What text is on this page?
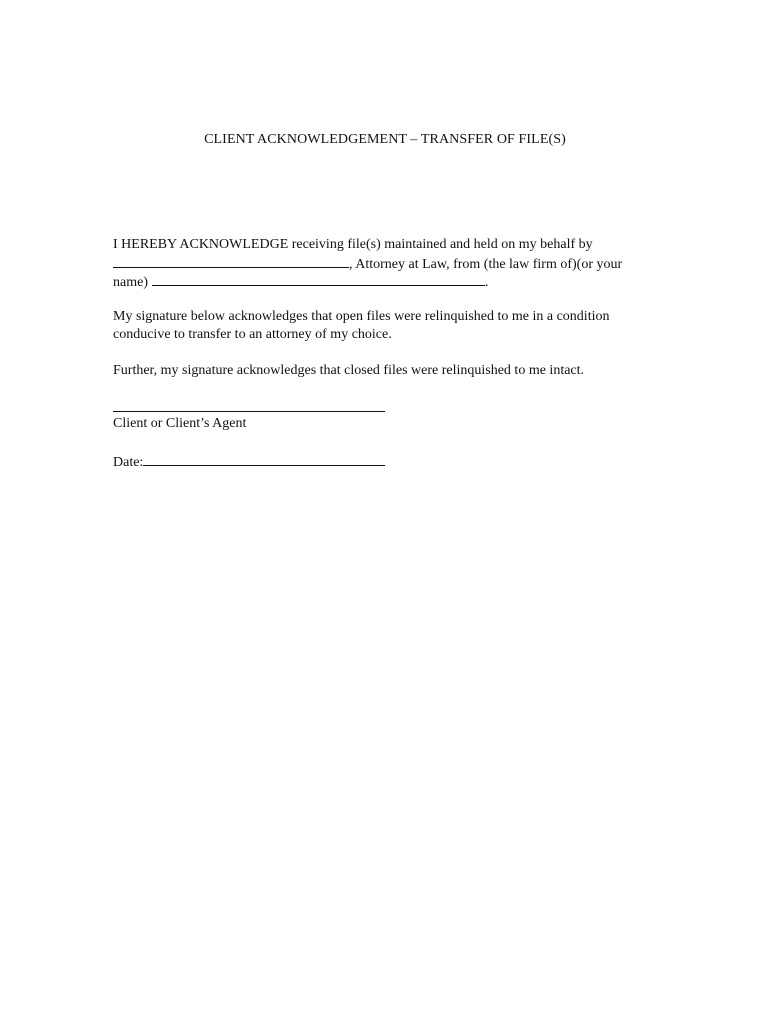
CLIENT ACKNOWLEDGEMENT – TRANSFER OF FILE(S)
I HEREBY ACKNOWLEDGE receiving file(s) maintained and held on my behalf by
, Attorney at Law, from (the law firm of)(or your
name)	.
My signature below acknowledges that open files were relinquished to me in a condition
conducive to transfer to an attorney of my choice.
Further, my signature acknowledges that closed files were relinquished to me intact.
Client or Client’s Agent
Date:
